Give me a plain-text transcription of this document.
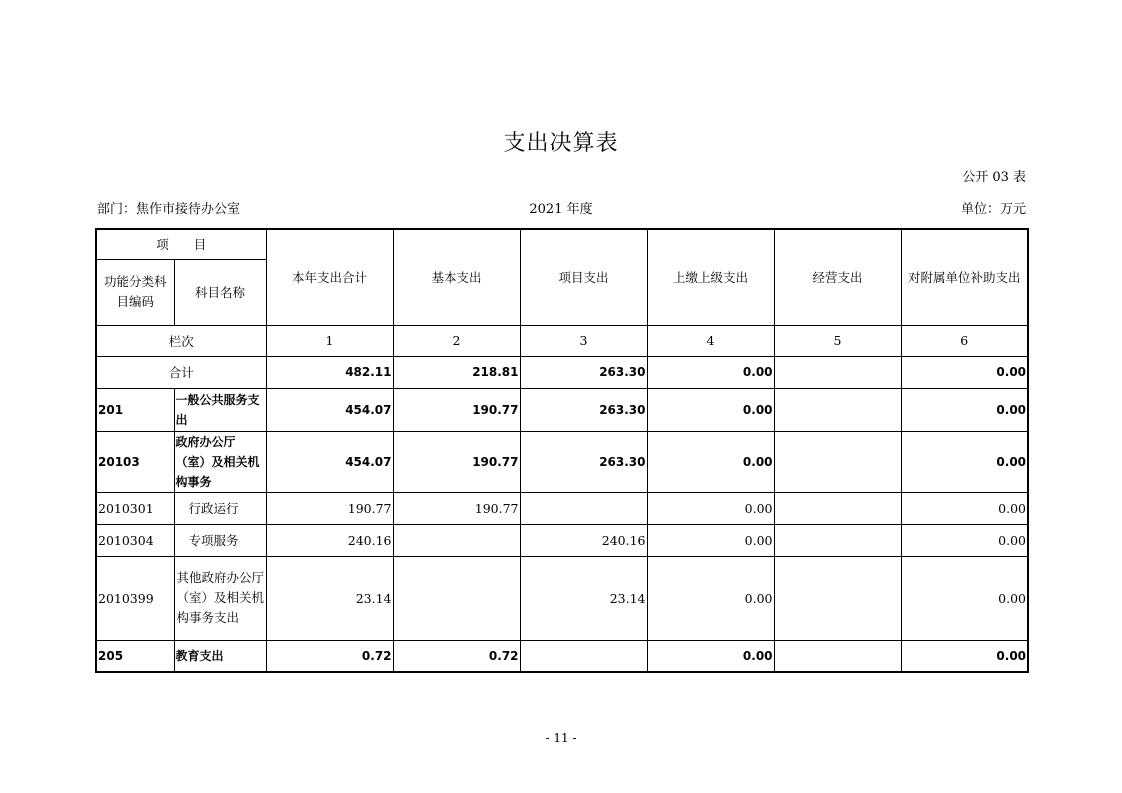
支出决算表
公开 03 表
部门：焦作市接待办公室	2021 年度	单位：万元
项　　目		本年支出合计	基本支出	项目支出	上缴上级支出	经营支出	对附属单位补助支出
功能分类科目编码	科目名称						
栏次		1	2	3	4	5	6
合计		482.11	218.81	263.30	0.00		0.00
201	一般公共服务支出	454.07	190.77	263.30	0.00		0.00
20103	政府办公厅（室）及相关机构事务	454.07	190.77	263.30	0.00		0.00
2010301	行政运行	190.77	190.77		0.00		0.00
2010304	专项服务	240.16		240.16	0.00		0.00
2010399	其他政府办公厅（室）及相关机构事务支出	23.14		23.14	0.00		0.00
205	教育支出	0.72	0.72		0.00		0.00
- 11 -
